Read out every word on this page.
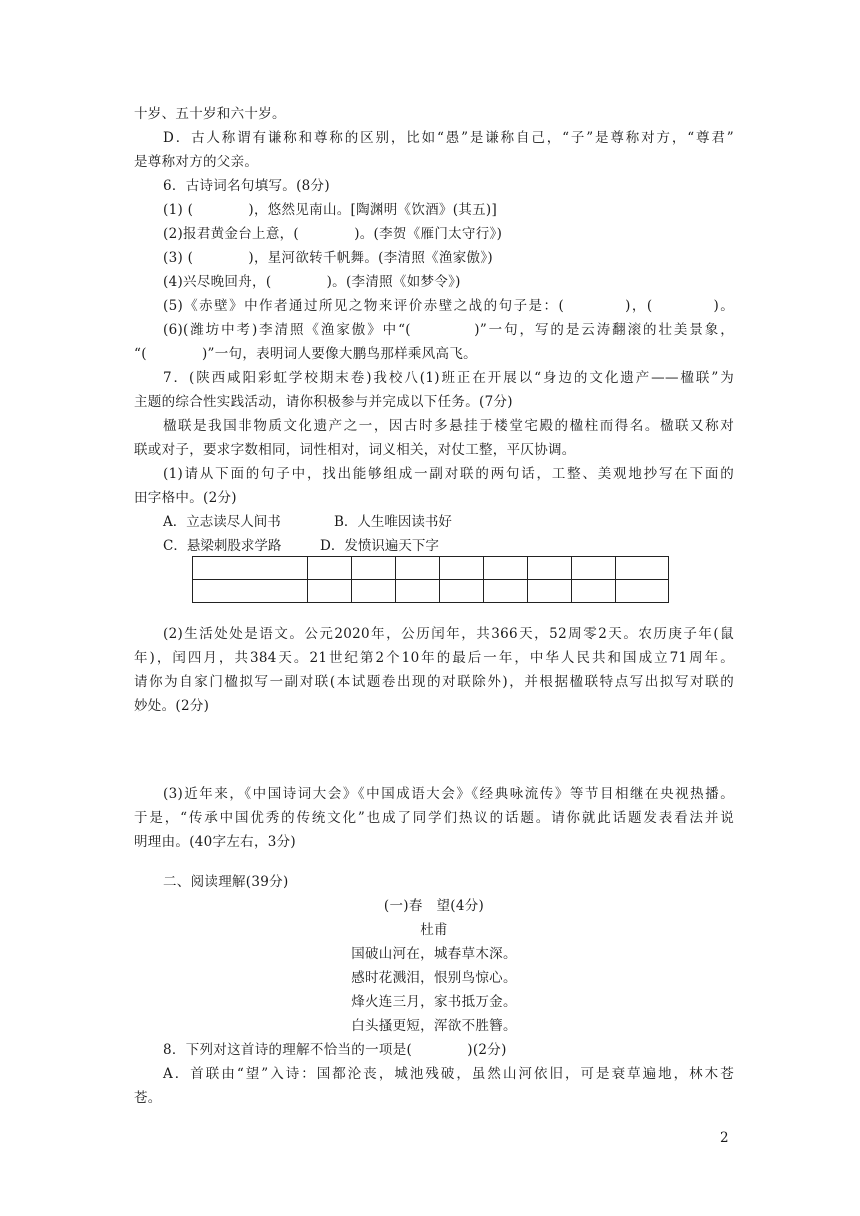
十岁、五十岁和六十岁。
D．古人称谓有谦称和尊称的区别，比如“愚”是谦称自己，“子”是尊称对方，“尊君”
是尊称对方的父亲。
6．古诗词名句填写。(8分)
(1) (　　　　)，悠然见南山。[陶渊明《饮酒》(其五)]
(2)报君黄金台上意，(　　　　)。(李贺《雁门太守行》)
(3) (　　　　)，星河欲转千帆舞。(李清照《渔家傲》)
(4)兴尽晚回舟，(　　　　)。(李清照《如梦令》)
(5)《赤壁》中作者通过所见之物来评价赤壁之战的句子是：(　　　　)，(　　　　)。
(6)(潍坊中考)李清照《渔家傲》中“(　　　　)”一句，写的是云涛翻滚的壮美景象，
“(　　　　)”一句，表明词人要像大鹏鸟那样乘风高飞。
7．(陕西咸阳彩虹学校期末卷)我校八(1)班正在开展以“身边的文化遗产——楹联”为
主题的综合性实践活动，请你积极参与并完成以下任务。(7分)
楹联是我国非物质文化遗产之一，因古时多悬挂于楼堂宅殿的楹柱而得名。楹联又称对
联或对子，要求字数相同，词性相对，词义相关，对仗工整，平仄协调。
(1)请从下面的句子中，找出能够组成一副对联的两句话，工整、美观地抄写在下面的
田字格中。(2分)
A．立志读尽人间书	B．人生唯因读书好
C．悬梁刺股求学路	D．发愤识遍天下字

(2)生活处处是语文。公元2020年，公历闰年，共366天，52周零2天。农历庚子年(鼠
年)，闰四月，共384天。21世纪第2个10年的最后一年，中华人民共和国成立71周年。
请你为自家门楹拟写一副对联(本试题卷出现的对联除外)，并根据楹联特点写出拟写对联的
妙处。(2分)
(3)近年来，《中国诗词大会》《中国成语大会》《经典咏流传》等节目相继在央视热播。
于是，“传承中国优秀的传统文化”也成了同学们热议的话题。请你就此话题发表看法并说
明理由。(40字左右，3分)
二、阅读理解(39分)
(一)春　望(4分)
杜甫
国破山河在，城春草木深。
感时花溅泪，恨别鸟惊心。
烽火连三月，家书抵万金。
白头搔更短，浑欲不胜簪。
8．下列对这首诗的理解不恰当的一项是(　　　　)(2分)
A．首联由“望”入诗：国都沦丧，城池残破，虽然山河依旧，可是衰草遍地，林木苍
苍。
2
